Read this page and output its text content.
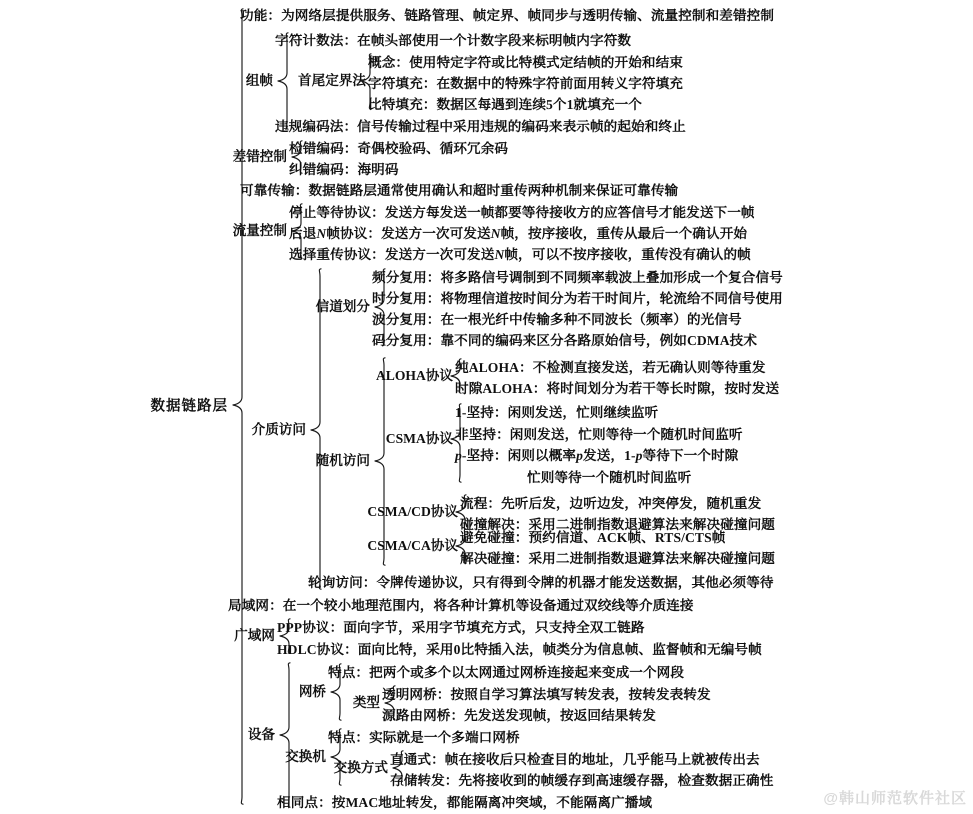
数据链路层
组帧	首尾定界法
差错控制
流量控制
介质访问
信道划分
随机访问
ALOHA协议
CSMA协议
CSMA/CD协议
CSMA/CA协议
广域网
设备
网桥
类型
交换机
交换方式
功能：为网络层提供服务、链路管理、帧定界、帧同步与透明传输、流量控制和差错控制
字符计数法：在帧头部使用一个计数字段来标明帧内字符数
概念：使用特定字符或比特模式定结帧的开始和结束
字符填充：在数据中的特殊字符前面用转义字符填充
比特填充：数据区每遇到连续5个1就填充一个
违规编码法：信号传输过程中采用违规的编码来表示帧的起始和终止
检错编码：奇偶校验码、循环冗余码
纠错编码：海明码
可靠传输：数据链路层通常使用确认和超时重传两种机制来保证可靠传输
停止等待协议：发送方每发送一帧都要等待接收方的应答信号才能发送下一帧
后退N帧协议：发送方一次可发送N帧，按序接收，重传从最后一个确认开始
选择重传协议：发送方一次可发送N帧，可以不按序接收，重传没有确认的帧
频分复用：将多路信号调制到不同频率载波上叠加形成一个复合信号
时分复用：将物理信道按时间分为若干时间片，轮流给不同信号使用
波分复用：在一根光纤中传输多种不同波长（频率）的光信号
码分复用：靠不同的编码来区分各路原始信号，例如CDMA技术
纯ALOHA：不检测直接发送，若无确认则等待重发
时隙ALOHA：将时间划分为若干等长时隙，按时发送
1-坚持：闲则发送，忙则继续监听
非坚持：闲则发送，忙则等待一个随机时间监听
p-坚持：闲则以概率p发送，1-p等待下一个时隙
忙则等待一个随机时间监听
流程：先听后发，边听边发，冲突停发，随机重发
碰撞解决：采用二进制指数退避算法来解决碰撞问题
避免碰撞：预约信道、ACK帧、RTS/CTS帧
解决碰撞：采用二进制指数退避算法来解决碰撞问题
轮询访问：令牌传递协议，只有得到令牌的机器才能发送数据，其他必须等待
局域网：在一个较小地理范围内，将各种计算机等设备通过双绞线等介质连接
PPP协议：面向字节，采用字节填充方式，只支持全双工链路
HDLC协议：面向比特，采用0比特插入法，帧类分为信息帧、监督帧和无编号帧
特点：把两个或多个以太网通过网桥连接起来变成一个网段
透明网桥：按照自学习算法填写转发表，按转发表转发
源路由网桥：先发送发现帧，按返回结果转发
特点：实际就是一个多端口网桥
直通式：帧在接收后只检查目的地址，几乎能马上就被传出去
存储转发：先将接收到的帧缓存到高速缓存器，检查数据正确性
相同点：按MAC地址转发，都能隔离冲突域，不能隔离广播域	@韩山师范软件社区
